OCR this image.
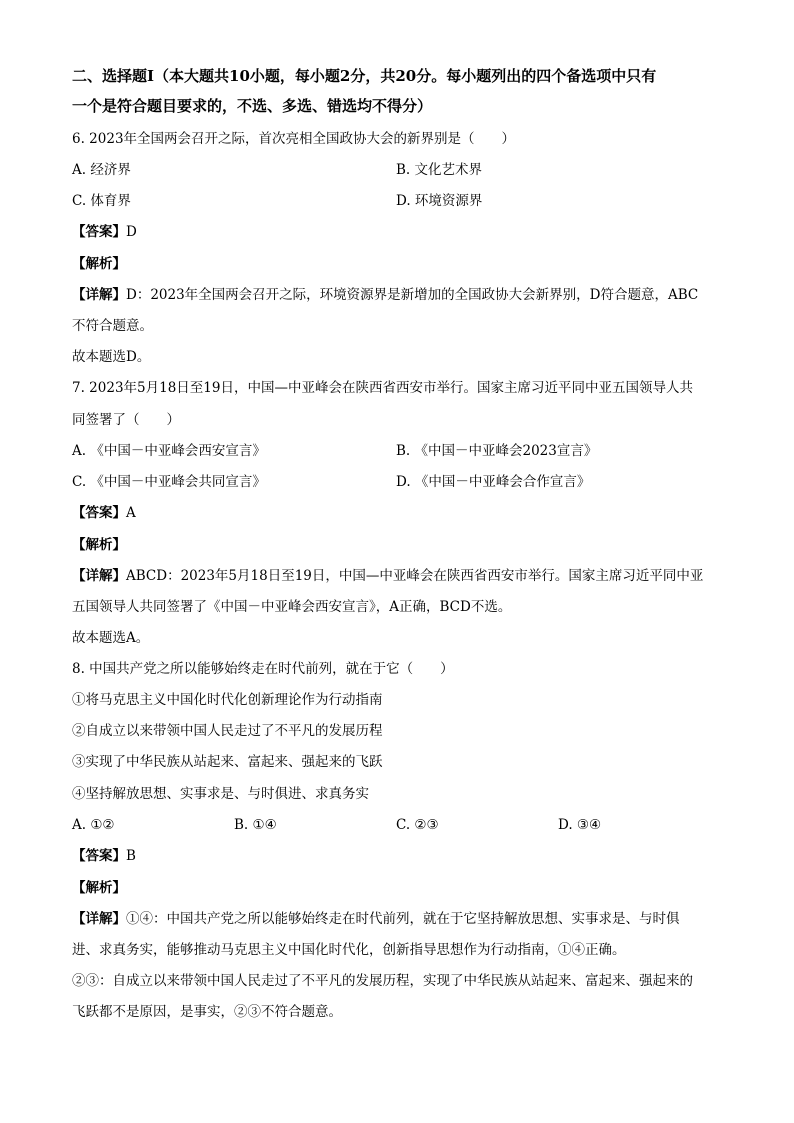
二、选择题Ⅰ（本大题共10小题，每小题2分，共20分。每小题列出的四个备选项中只有
一个是符合题目要求的，不选、多选、错选均不得分）
6. 2023年全国两会召开之际，首次亮相全国政协大会的新界别是（　　）
A. 经济界	B. 文化艺术界
C. 体育界	D. 环境资源界
【答案】D
【解析】
【详解】D：2023年全国两会召开之际，环境资源界是新增加的全国政协大会新界别，D符合题意，ABC
不符合题意。
故本题选D。
7. 2023年5月18日至19日，中国—中亚峰会在陕西省西安市举行。国家主席习近平同中亚五国领导人共
同签署了（　　）
A. 《中国－中亚峰会西安宣言》	B. 《中国－中亚峰会2023宣言》
C. 《中国－中亚峰会共同宣言》	D. 《中国－中亚峰会合作宣言》
【答案】A
【解析】
【详解】ABCD：2023年5月18日至19日，中国—中亚峰会在陕西省西安市举行。国家主席习近平同中亚
五国领导人共同签署了《中国－中亚峰会西安宣言》，A正确，BCD不选。
故本题选A。
8. 中国共产党之所以能够始终走在时代前列，就在于它（　　）
①将马克思主义中国化时代化创新理论作为行动指南
②自成立以来带领中国人民走过了不平凡的发展历程
③实现了中华民族从站起来、富起来、强起来的飞跃
④坚持解放思想、实事求是、与时俱进、求真务实
A. ①②	B. ①④	C. ②③	D. ③④
【答案】B
【解析】
【详解】①④：中国共产党之所以能够始终走在时代前列，就在于它坚持解放思想、实事求是、与时俱
进、求真务实，能够推动马克思主义中国化时代化，创新指导思想作为行动指南，①④正确。
②③：自成立以来带领中国人民走过了不平凡的发展历程，实现了中华民族从站起来、富起来、强起来的
飞跃都不是原因，是事实，②③不符合题意。
